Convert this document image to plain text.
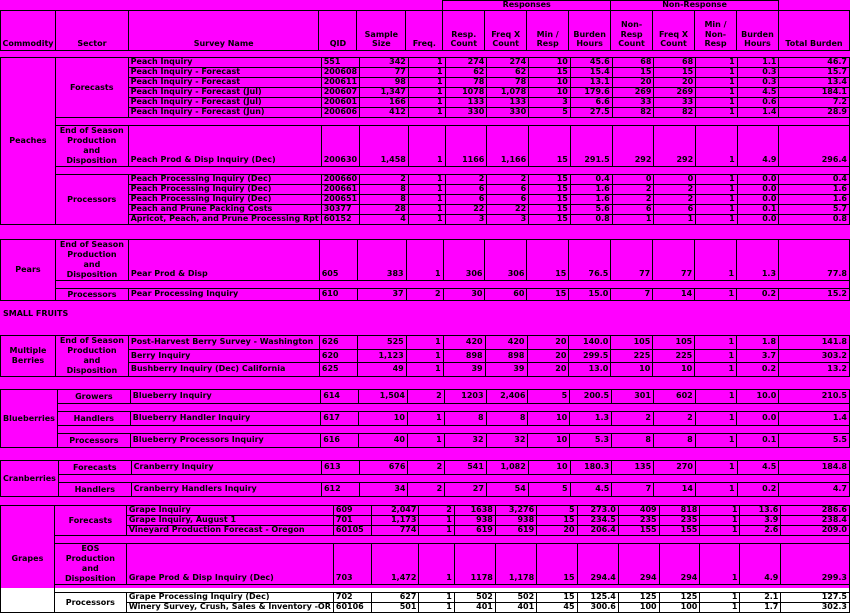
						Responses				Non-Response				
Commodity	Sector	Survey Name	QID	Sample Size	Freq.	Resp. Count	Freq X Count	Min / Resp	Burden Hours	Non-Resp Count	Freq X Count	Min / Non-Resp	Burden Hours	Total Burden
Peaches	Forecasts	Peach Inquiry	551	342	1	274	274	10	45.6	68	68	1	1.1	46.7
		Peach Inquiry - Forecast	200608	77	1	62	62	15	15.4	15	15	1	0.3	15.7
		Peach Inquiry - Forecast	200611	98	1	78	78	10	13.1	20	20	1	0.3	13.4
		Peach Inquiry - Forecast (Jul)	200607	1,347	1	1078	1,078	10	179.6	269	269	1	4.5	184.1
		Peach Inquiry - Forecast (Jul)	200601	166	1	133	133	3	6.6	33	33	1	0.6	7.2
		Peach Inquiry - Forecast (Jun)	200606	412	1	330	330	5	27.5	82	82	1	1.4	28.9

	End of Season Production and Disposition	Peach Prod & Disp Inquiry (Dec)	200630	1,458	1	1166	1,166	15	291.5	292	292	1	4.9	296.4

	Processors	Peach Processing Inquiry (Dec)	200660	2	1	2	2	15	0.4	0	0	1	0.0	0.4
		Peach Processing Inquiry (Dec)	200661	8	1	6	6	15	1.6	2	2	1	0.0	1.6
		Peach Processing Inquiry (Dec)	200651	8	1	6	6	15	1.6	2	2	1	0.0	1.6
		Peach and Prune Packing Costs	30377	28	1	22	22	15	5.6	6	6	1	0.1	5.7
		Apricot, Peach, and Prune Processing Rpt	60152	4	1	3	3	15	0.8	1	1	1	0.0	0.8
Pears	End of Season Production and Disposition	Pear Prod & Disp	605	383	1	306	306	15	76.5	77	77	1	1.3	77.8

	Processors	Pear Processing Inquiry	610	37	2	30	60	15	15.0	7	14	1	0.2	15.2
SMALL FRUITS
Multiple Berries	End of Season Production and Disposition	Post-Harvest Berry Survey - Washington	626	525	1	420	420	20	140.0	105	105	1	1.8	141.8
		Berry Inquiry	620	1,123	1	898	898	20	299.5	225	225	1	3.7	303.2
		Bushberry Inquiry (Dec) California	625	49	1	39	39	20	13.0	10	10	1	0.2	13.2
Blueberries	Growers	Blueberry Inquiry	614	1,504	2	1203	2,406	5	200.5	301	602	1	10.0	210.5

	Handlers	Blueberry Handler Inquiry	617	10	1	8	8	10	1.3	2	2	1	0.0	1.4

	Processors	Blueberry Processors Inquiry	616	40	1	32	32	10	5.3	8	8	1	0.1	5.5
Cranberries	Forecasts	Cranberry Inquiry	613	676	2	541	1,082	10	180.3	135	270	1	4.5	184.8

	Handlers	Cranberry Handlers Inquiry	612	34	2	27	54	5	4.5	7	14	1	0.2	4.7
Grapes	Forecasts	Grape Inquiry	609	2,047	2	1638	3,276	5	273.0	409	818	1	13.6	286.6
		Grape Inquiry, August 1	701	1,173	1	938	938	15	234.5	235	235	1	3.9	238.4
		Vineyard Production Forecast - Oregon	60105	774	1	619	619	20	206.4	155	155	1	2.6	209.0

	EOS Production and Disposition	Grape Prod & Disp Inquiry (Dec)	703	1,472	1	1178	1,178	15	294.4	294	294	1	4.9	299.3

	Processors	Grape Processing Inquiry (Dec)	702	627	1	502	502	15	125.4	125	125	1	2.1	127.5
		Winery Survey, Crush, Sales & Inventory -OR	60106	501	1	401	401	45	300.6	100	100	1	1.7	302.3
